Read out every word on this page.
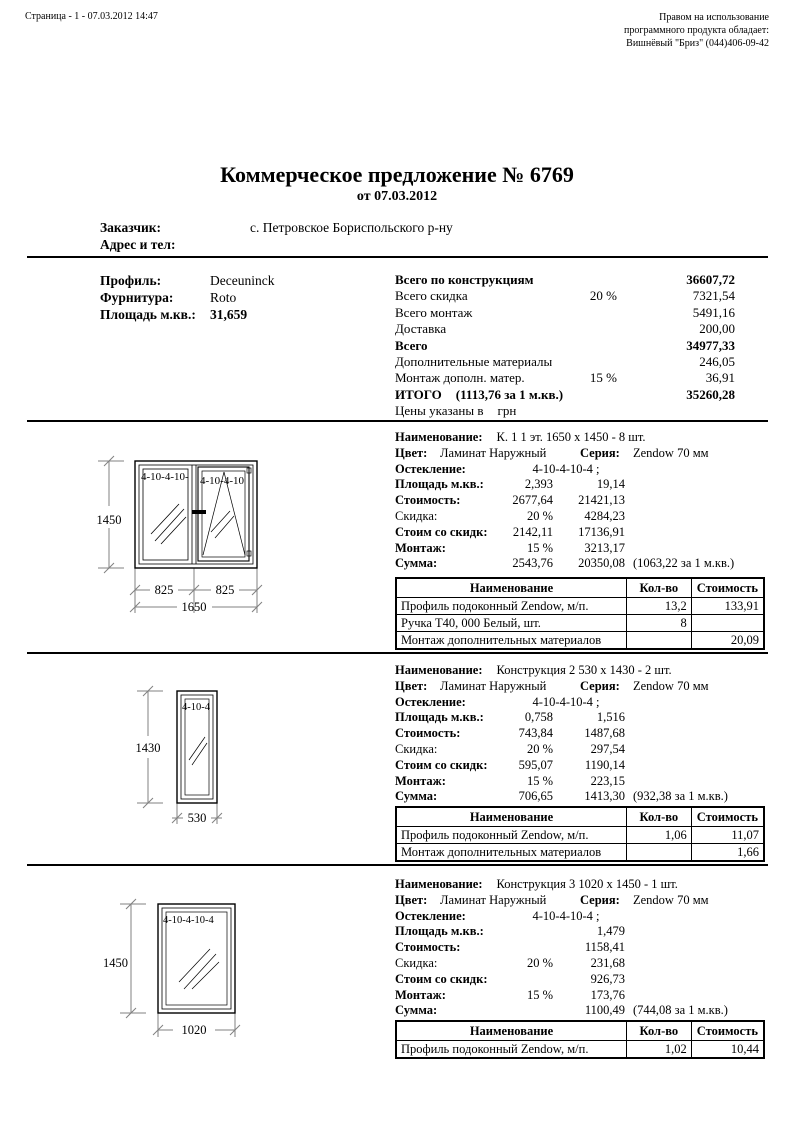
Страница - 1 - 07.03.2012 14:47	Правом на использование
программного продукта обладает:
Вишнёвый "Бриз" (044)406-09-42
Коммерческое предложение № 6769
от 07.03.2012
Заказчик:	с. Петровское Бориспольского р-ну
Адрес и тел:
Профиль:	Deceuninck
Фурнитура:	Roto
Площадь м.кв.:	31,659
Всего по конструкциям	36607,72
Всего скидка	20 %	7321,54
Всего монтаж	5491,16
Доставка	200,00
Всего	34977,33
Дополнительные материалы	246,05
Монтаж дополн. матер.	15 %	36,91
ИТОГО (1113,76 за 1 м.кв.)	35260,28
Цены указаны в грн
1450
825	825
1650
4-10-4-10- 4-10-4-10
Наименование: К. 1 1 эт. 1650 х 1450 - 8 шт.
Цвет: Ламинат Наружный	Серия: Zendow 70 мм
Остекление:	4-10-4-10-4 ;
Площадь м.кв.:	2,393	19,14
Стоимость:	2677,64 21421,13
Скидка:	20 %	4284,23
Стоим со скидк: 2142,11 17136,91
Монтаж:	15 %	3213,17
Сумма:	2543,76 20350,08 (1063,22 за 1 м.кв.)
Наименование	Кол-во	Стоимость
Профиль подоконный Zendow, м/п.	13,2	133,91
Ручка Т40, 000 Белый, шт.	8	
Монтаж дополнительных материалов		20,09
1430
530
4-10-4
Наименование: Конструкция 2 530 х 1430 - 2 шт.
Цвет: Ламинат Наружный	Серия: Zendow 70 мм
Остекление:	4-10-4-10-4 ;
Площадь м.кв.:	0,758	1,516
Стоимость:	743,84	1487,68
Скидка:	20 %	297,54
Стоим со скидк: 595,07	1190,14
Монтаж:	15 %	223,15
Сумма:	706,65	1413,30 (932,38 за 1 м.кв.)
Наименование	Кол-во	Стоимость
Профиль подоконный Zendow, м/п.	1,06	11,07
Монтаж дополнительных материалов		1,66
1450
1020
4-10-4-10-4
Наименование: Конструкция 3 1020 х 1450 - 1 шт.
Цвет: Ламинат Наружный	Серия: Zendow 70 мм
Остекление:	4-10-4-10-4 ;
Площадь м.кв.:	1,479
Стоимость:	1158,41
Скидка:	20 %	231,68
Стоим со скидк:	926,73
Монтаж:	15 %	173,76
Сумма:	1100,49 (744,08 за 1 м.кв.)
Наименование	Кол-во	Стоимость
Профиль подоконный Zendow, м/п.	1,02	10,44
